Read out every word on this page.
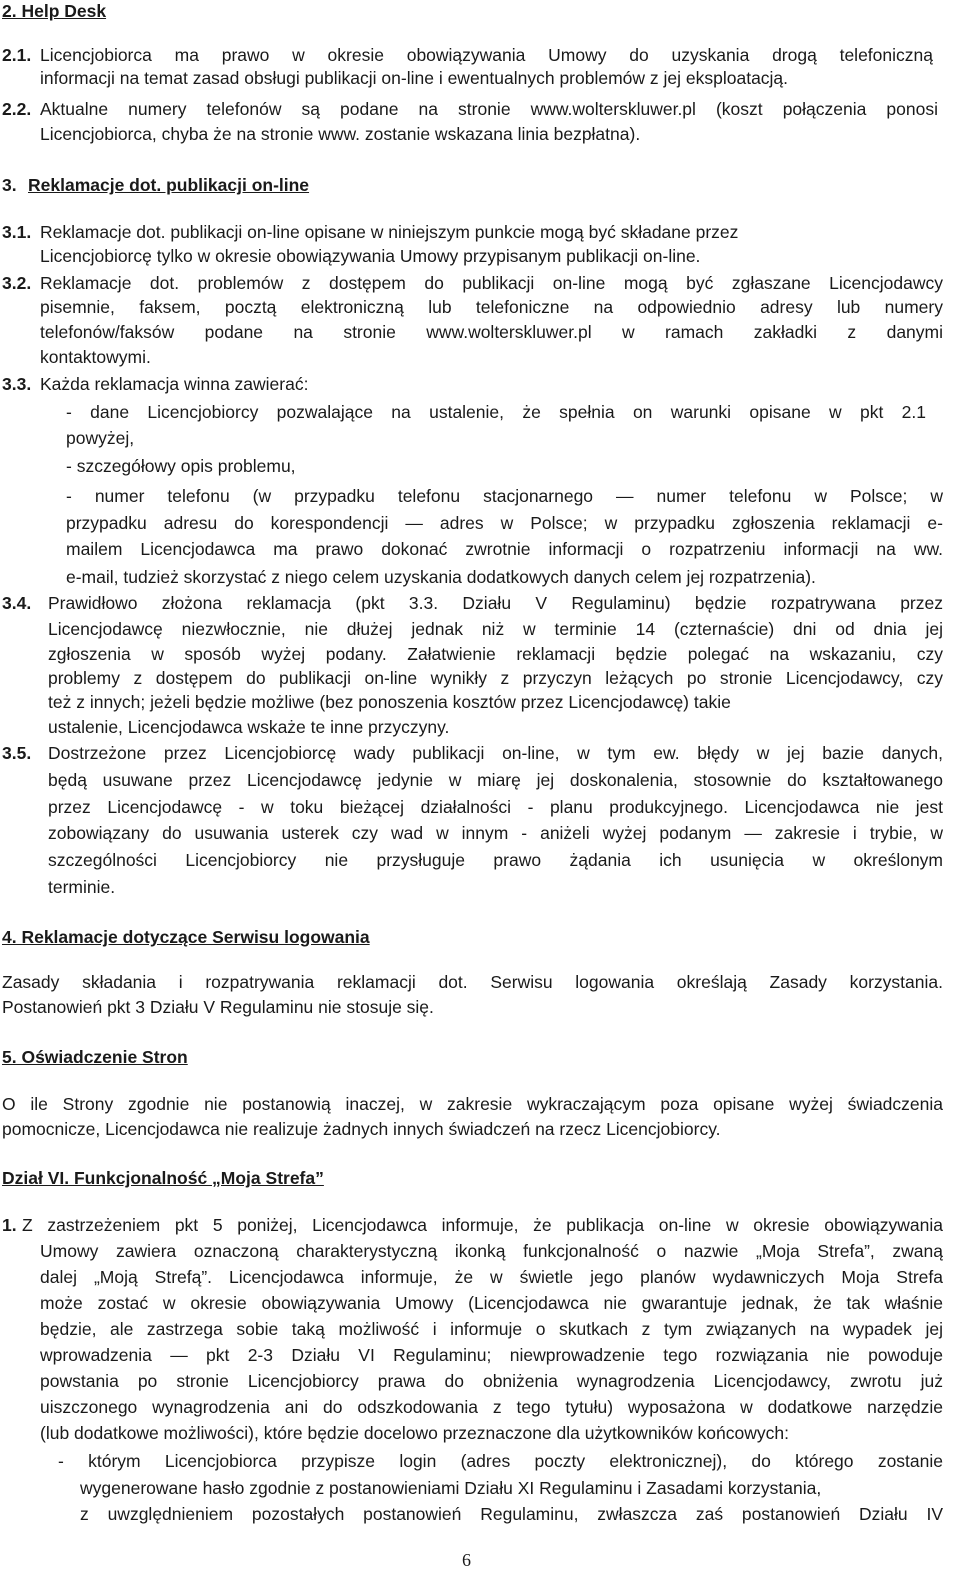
2. Help Desk
2.1. Licencjobiorca ma prawo w okresie obowiązywania Umowy do uzyskania drogą telefoniczną
informacji na temat zasad obsługi publikacji on-line i ewentualnych problemów z jej eksploatacją.
2.2. Aktualne numery telefonów są podane na stronie www.wolterskluwer.pl (koszt połączenia ponosi
Licencjobiorca, chyba że na stronie www. zostanie wskazana linia bezpłatna).
3. Reklamacje dot. publikacji on-line
3.1. Reklamacje dot. publikacji on-line opisane w niniejszym punkcie mogą być składane przez
Licencjobiorcę tylko w okresie obowiązywania Umowy przypisanym publikacji on-line.
3.2. Reklamacje dot. problemów z dostępem do publikacji on-line mogą być zgłaszane Licencjodawcy
pisemnie, faksem, pocztą elektroniczną lub telefoniczne na odpowiednio adresy lub numery
telefonów/faksów podane na stronie www.wolterskluwer.pl w ramach zakładki z danymi
kontaktowymi.
3.3. Każda reklamacja winna zawierać:
- dane Licencjobiorcy pozwalające na ustalenie, że spełnia on warunki opisane w pkt 2.1
powyżej,
- szczegółowy opis problemu,
- numer telefonu (w przypadku telefonu stacjonarnego — numer telefonu w Polsce; w
przypadku adresu do korespondencji — adres w Polsce; w przypadku zgłoszenia reklamacji e-
mailem Licencjodawca ma prawo dokonać zwrotnie informacji o rozpatrzeniu informacji na ww.
e-mail, tudzież skorzystać z niego celem uzyskania dodatkowych danych celem jej rozpatrzenia).
3.4. Prawidłowo złożona reklamacja (pkt 3.3. Działu V Regulaminu) będzie rozpatrywana przez
Licencjodawcę niezwłocznie, nie dłużej jednak niż w terminie 14 (czternaście) dni od dnia jej
zgłoszenia w sposób wyżej podany. Załatwienie reklamacji będzie polegać na wskazaniu, czy
problemy z dostępem do publikacji on-line wynikły z przyczyn leżących po stronie Licencjodawcy, czy
też z innych; jeżeli będzie możliwe (bez ponoszenia kosztów przez Licencjodawcę) takie
ustalenie, Licencjodawca wskaże te inne przyczyny.
3.5. Dostrzeżone przez Licencjobiorcę wady publikacji on-line, w tym ew. błędy w jej bazie danych,
będą usuwane przez Licencjodawcę jedynie w miarę jej doskonalenia, stosownie do kształtowanego
przez Licencjodawcę - w toku bieżącej działalności - planu produkcyjnego. Licencjodawca nie jest
zobowiązany do usuwania usterek czy wad w innym - aniżeli wyżej podanym — zakresie i trybie, w
szczególności Licencjobiorcy nie przysługuje prawo żądania ich usunięcia w określonym
terminie.
4. Reklamacje dotyczące Serwisu logowania
Zasady składania i rozpatrywania reklamacji dot. Serwisu logowania określają Zasady korzystania.
Postanowień pkt 3 Działu V Regulaminu nie stosuje się.
5. Oświadczenie Stron
O ile Strony zgodnie nie postanowią inaczej, w zakresie wykraczającym poza opisane wyżej świadczenia
pomocnicze, Licencjodawca nie realizuje żadnych innych świadczeń na rzecz Licencjobiorcy.
Dział VI. Funkcjonalność „Moja Strefa”
1. Z zastrzeżeniem pkt 5 poniżej, Licencjodawca informuje, że publikacja on-line w okresie obowiązywania
Umowy zawiera oznaczoną charakterystyczną ikonką funkcjonalność o nazwie „Moja Strefa”, zwaną
dalej „Moją Strefą”. Licencjodawca informuje, że w świetle jego planów wydawniczych Moja Strefa
może zostać w okresie obowiązywania Umowy (Licencjodawca nie gwarantuje jednak, że tak właśnie
będzie, ale zastrzega sobie taką możliwość i informuje o skutkach z tym związanych na wypadek jej
wprowadzenia — pkt 2-3 Działu VI Regulaminu; niewprowadzenie tego rozwiązania nie powoduje
powstania po stronie Licencjobiorcy prawa do obniżenia wynagrodzenia Licencjodawcy, zwrotu już
uiszczonego wynagrodzenia ani do odszkodowania z tego tytułu) wyposażona w dodatkowe narzędzie
(lub dodatkowe możliwości), które będzie docelowo przeznaczone dla użytkowników końcowych:
- którym Licencjobiorca przypisze login (adres poczty elektronicznej), do którego zostanie
wygenerowane hasło zgodnie z postanowieniami Działu XI Regulaminu i Zasadami korzystania,
z uwzględnieniem pozostałych postanowień Regulaminu, zwłaszcza zaś postanowień Działu IV
6
